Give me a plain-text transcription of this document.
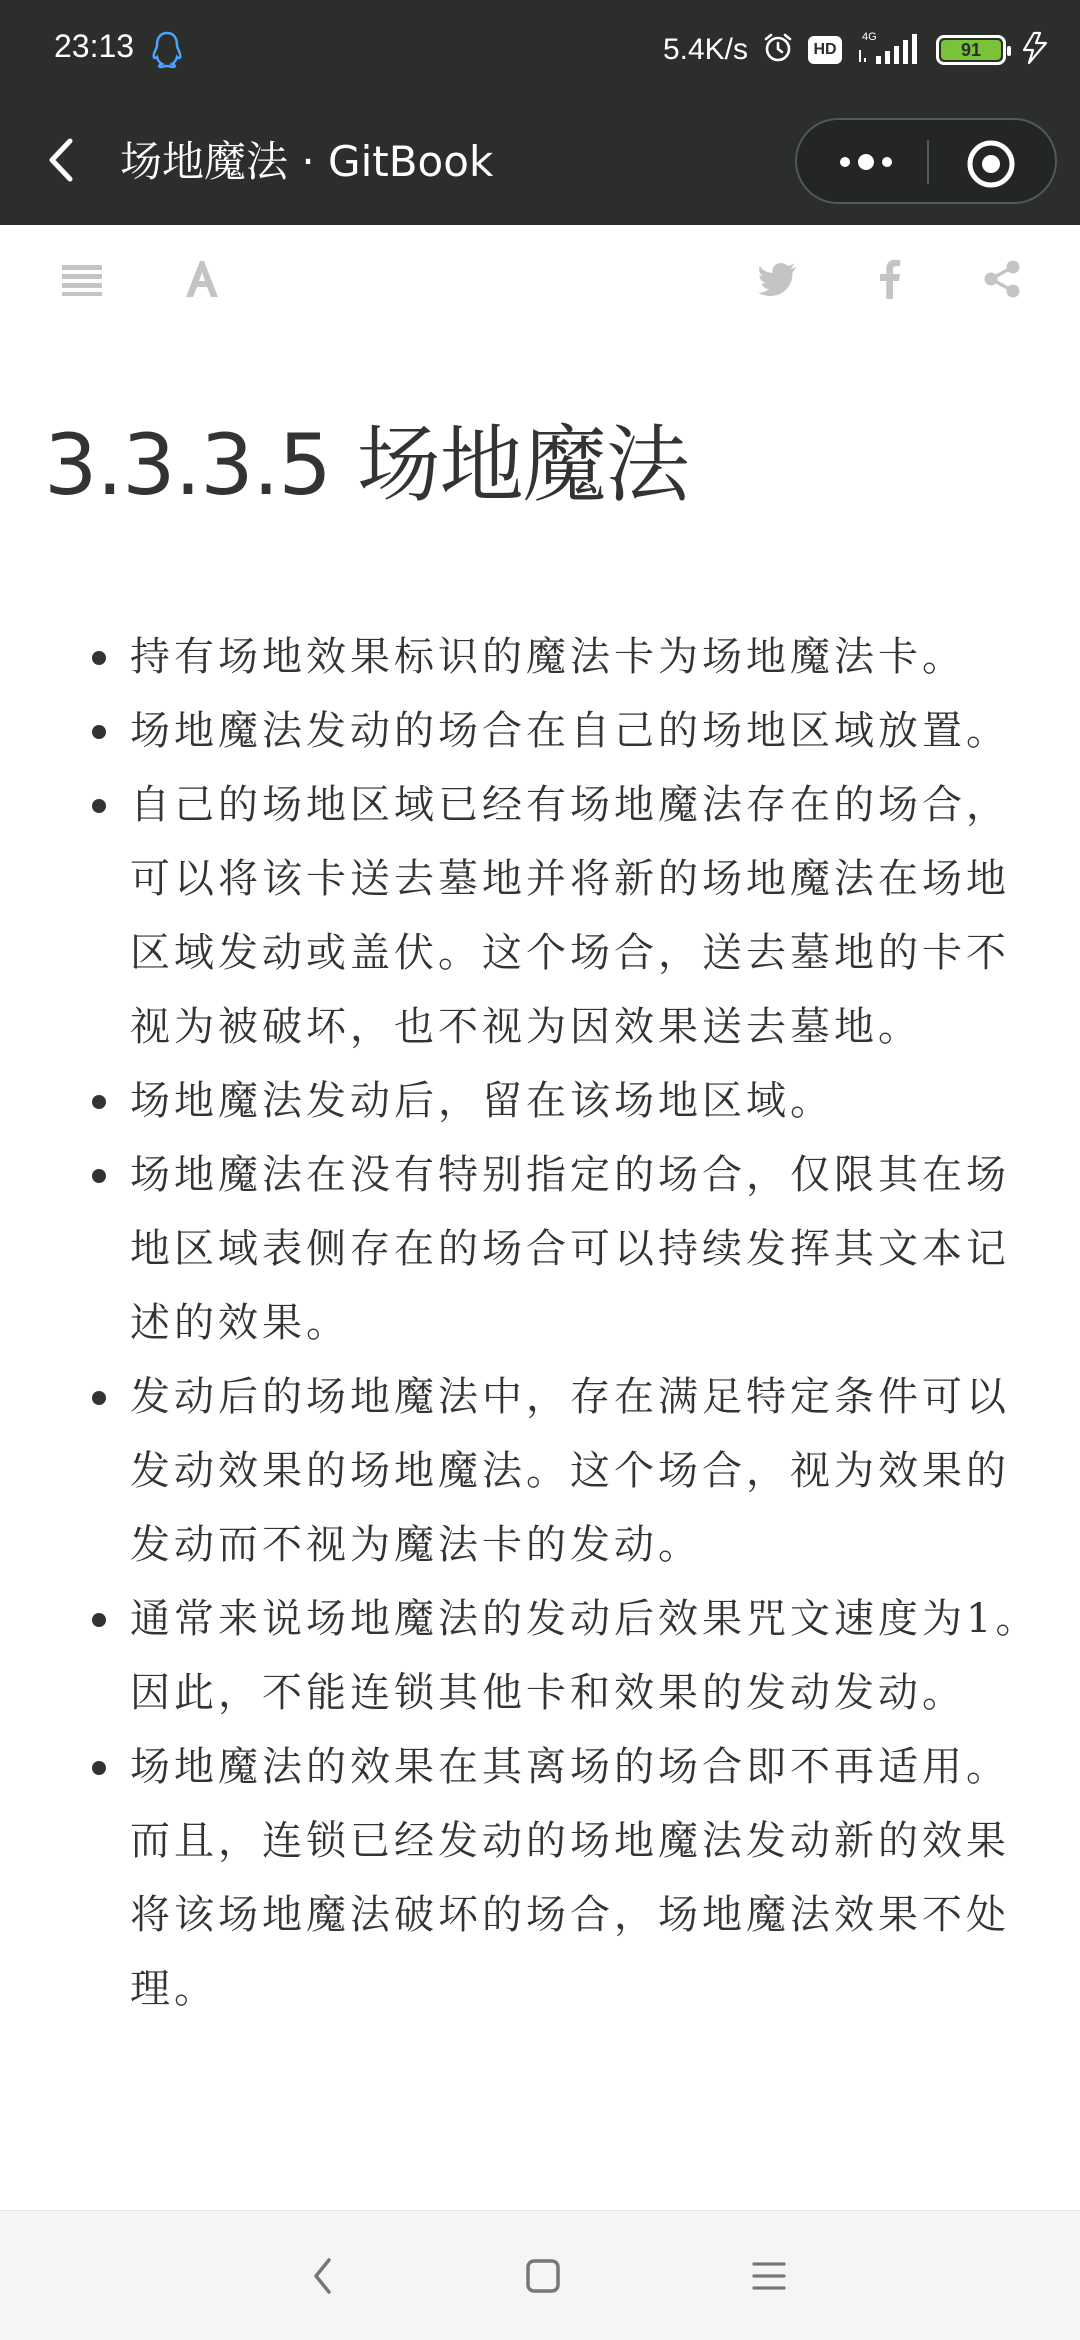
23:13	5.4K/s	HD
4G
91
场地魔法 · GitBook
3.3.3.5 场地魔法
持有场地效果标识的魔法卡为场地魔法卡。
场地魔法发动的场合在自己的场地区域放置。
自己的场地区域已经有场地魔法存在的场合，可以将该卡送去墓地并将新的场地魔法在场地区域发动或盖伏。这个场合，送去墓地的卡不视为被破坏，也不视为因效果送去墓地。
场地魔法发动后，留在该场地区域。
场地魔法在没有特别指定的场合，仅限其在场地区域表侧存在的场合可以持续发挥其文本记述的效果。
发动后的场地魔法中，存在满足特定条件可以发动效果的场地魔法。这个场合，视为效果的发动而不视为魔法卡的发动。
通常来说场地魔法的发动后效果咒文速度为1。因此，不能连锁其他卡和效果的发动发动。
场地魔法的效果在其离场的场合即不再适用。而且，连锁已经发动的场地魔法发动新的效果将该场地魔法破坏的场合，场地魔法效果不处理。
